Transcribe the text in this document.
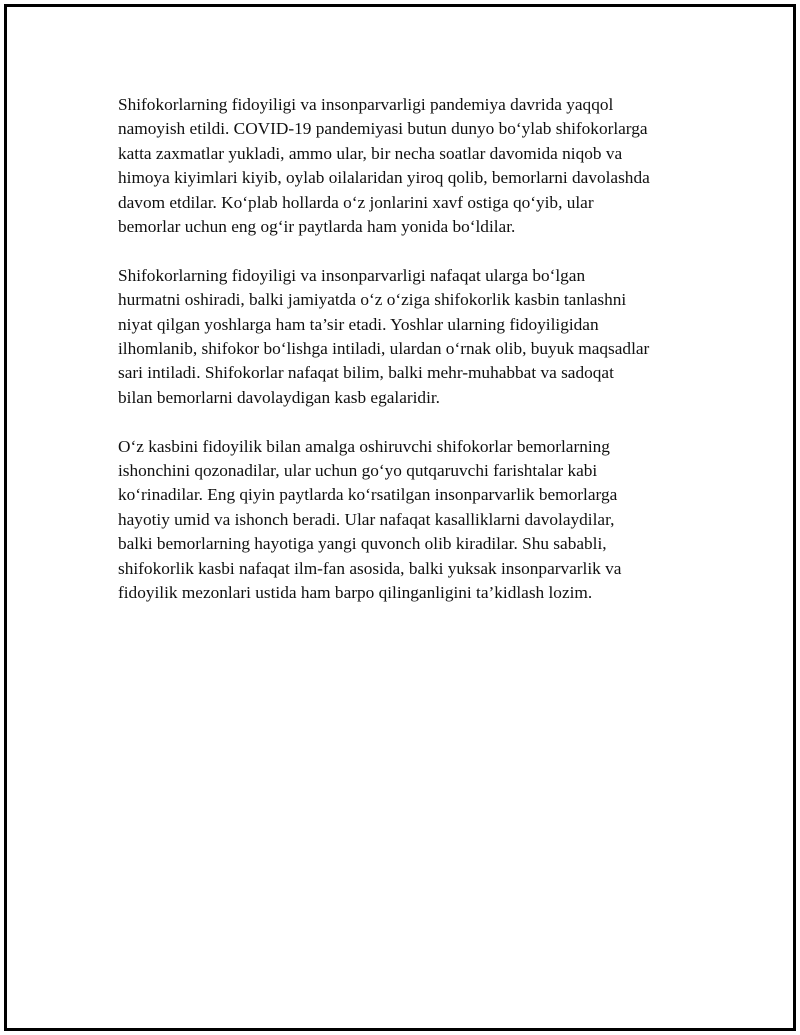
Shifokorlarning fidoyiligi va insonparvarligi pandemiya davrida yaqqol
namoyish etildi. COVID-19 pandemiyasi butun dunyo bo‘ylab shifokorlarga
katta zaxmatlar yukladi, ammo ular, bir necha soatlar davomida niqob va
himoya kiyimlari kiyib, oylab oilalaridan yiroq qolib, bemorlarni davolashda
davom etdilar. Ko‘plab hollarda o‘z jonlarini xavf ostiga qo‘yib, ular
bemorlar uchun eng og‘ir paytlarda ham yonida bo‘ldilar.

Shifokorlarning fidoyiligi va insonparvarligi nafaqat ularga bo‘lgan
hurmatni oshiradi, balki jamiyatda o‘z o‘ziga shifokorlik kasbin tanlashni
niyat qilgan yoshlarga ham ta’sir etadi. Yoshlar ularning fidoyiligidan
ilhomlanib, shifokor bo‘lishga intiladi, ulardan o‘rnak olib, buyuk maqsadlar
sari intiladi. Shifokorlar nafaqat bilim, balki mehr-muhabbat va sadoqat
bilan bemorlarni davolaydigan kasb egalaridir.

O‘z kasbini fidoyilik bilan amalga oshiruvchi shifokorlar bemorlarning
ishonchini qozonadilar, ular uchun go‘yo qutqaruvchi farishtalar kabi
ko‘rinadilar. Eng qiyin paytlarda ko‘rsatilgan insonparvarlik bemorlarga
hayotiy umid va ishonch beradi. Ular nafaqat kasalliklarni davolaydilar,
balki bemorlarning hayotiga yangi quvonch olib kiradilar. Shu sababli,
shifokorlik kasbi nafaqat ilm-fan asosida, balki yuksak insonparvarlik va
fidoyilik mezonlari ustida ham barpo qilinganligini ta’kidlash lozim.
